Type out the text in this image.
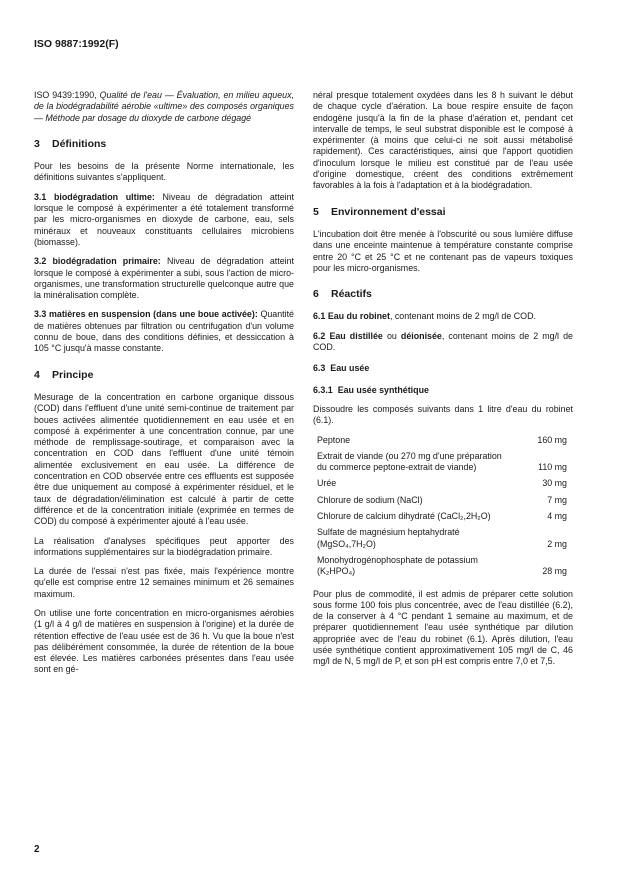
ISO 9887:1992(F)

ISO 9439:1990, Qualité de l'eau — Évaluation, en milieu aqueux, de la biodégradabilité aérobie «ultime» des composés organiques — Méthode par dosage du dioxyde de carbone dégagé

3 Définitions

Pour les besoins de la présente Norme internationale, les définitions suivantes s'appliquent.

3.1 biodégradation ultime: Niveau de dégradation atteint lorsque le composé à expérimenter a été totalement transformé par les micro-organismes en dioxyde de carbone, eau, sels minéraux et nouveaux constituants cellulaires microbiens (biomasse).

3.2 biodégradation primaire: Niveau de dégradation atteint lorsque le composé à expérimenter a subi, sous l'action de micro-organismes, une transformation structurelle quelconque autre que la minéralisation complète.

3.3 matières en suspension (dans une boue activée): Quantité de matières obtenues par filtration ou centrifugation d'un volume connu de boue, dans des conditions définies, et dessiccation à 105 °C jusqu'à masse constante.

4 Principe

Mesurage de la concentration en carbone organique dissous (COD) dans l'effluent d'une unité semi-continue de traitement par boues activées alimentée quotidiennement en eau usée et en composé à expérimenter à une concentration connue, par une méthode de remplissage-soutirage, et comparaison avec la concentration en COD dans l'effluent d'une unité témoin alimentée exclusivement en eau usée. La différence de concentration en COD observée entre ces effluents est supposée être due uniquement au composé à expérimenter résiduel, et le taux de dégradation/élimination est calculé à partir de cette différence et de la concentration initiale (exprimée en termes de COD) du composé à expérimenter ajouté à l'eau usée.

La réalisation d'analyses spécifiques peut apporter des informations supplémentaires sur la biodégradation primaire.

La durée de l'essai n'est pas fixée, mais l'expérience montre qu'elle est comprise entre 12 semaines minimum et 26 semaines maximum.

On utilise une forte concentration en micro-organismes aérobies (1 g/l à 4 g/l de matières en suspension à l'origine) et la durée de rétention effective de l'eau usée est de 36 h. Vu que la boue n'est pas délibérément consommée, la durée de rétention de la boue est élevée. Les matières carbonées présentes dans l'eau usée sont en gé-

néral presque totalement oxydées dans les 8 h suivant le début de chaque cycle d'aération. La boue respire ensuite de façon endogène jusqu'à la fin de la phase d'aération et, pendant cet intervalle de temps, le seul substrat disponible est le composé à expérimenter (à moins que celui-ci ne soit aussi métabolisé rapidement). Ces caractéristiques, ainsi que l'apport quotidien d'inoculum lorsque le milieu est constitué par de l'eau usée d'origine domestique, créent des conditions extrêmement favorables à la fois à l'adaptation et à la biodégradation.

5 Environnement d'essai

L'incubation doit être menée à l'obscurité ou sous lumière diffuse dans une enceinte maintenue à température constante comprise entre 20 °C et 25 °C et ne contenant pas de vapeurs toxiques pour les micro-organismes.

6 Réactifs

6.1 Eau du robinet, contenant moins de 2 mg/l de COD.

6.2 Eau distillée ou déionisée, contenant moins de 2 mg/l de COD.

6.3 Eau usée
6.3.1 Eau usée synthétique

Dissoudre les composés suivants dans 1 litre d'eau du robinet (6.1).

Peptone	160 mg
Extrait de viande (ou 270 mg d'une préparation du commerce peptone-extrait de viande)	110 mg
Urée	30 mg
Chlorure de sodium (NaCl)	7 mg
Chlorure de calcium dihydraté (CaCl₂,2H₂O)	4 mg
Sulfate de magnésium heptahydraté (MgSO₄,7H₂O)	2 mg
Monohydrogénophosphate de potassium (K₂HPO₄)	28 mg

Pour plus de commodité, il est admis de préparer cette solution sous forme 100 fois plus concentrée, avec de l'eau distillée (6.2), de la conserver à 4 °C pendant 1 semaine au maximum, et de préparer quotidiennement l'eau usée synthétique par dilution appropriée avec de l'eau du robinet (6.1). Après dilution, l'eau usée synthétique contient approximativement 105 mg/l de C, 46 mg/l de N, 5 mg/l de P, et son pH est compris entre 7,0 et 7,5.

2
